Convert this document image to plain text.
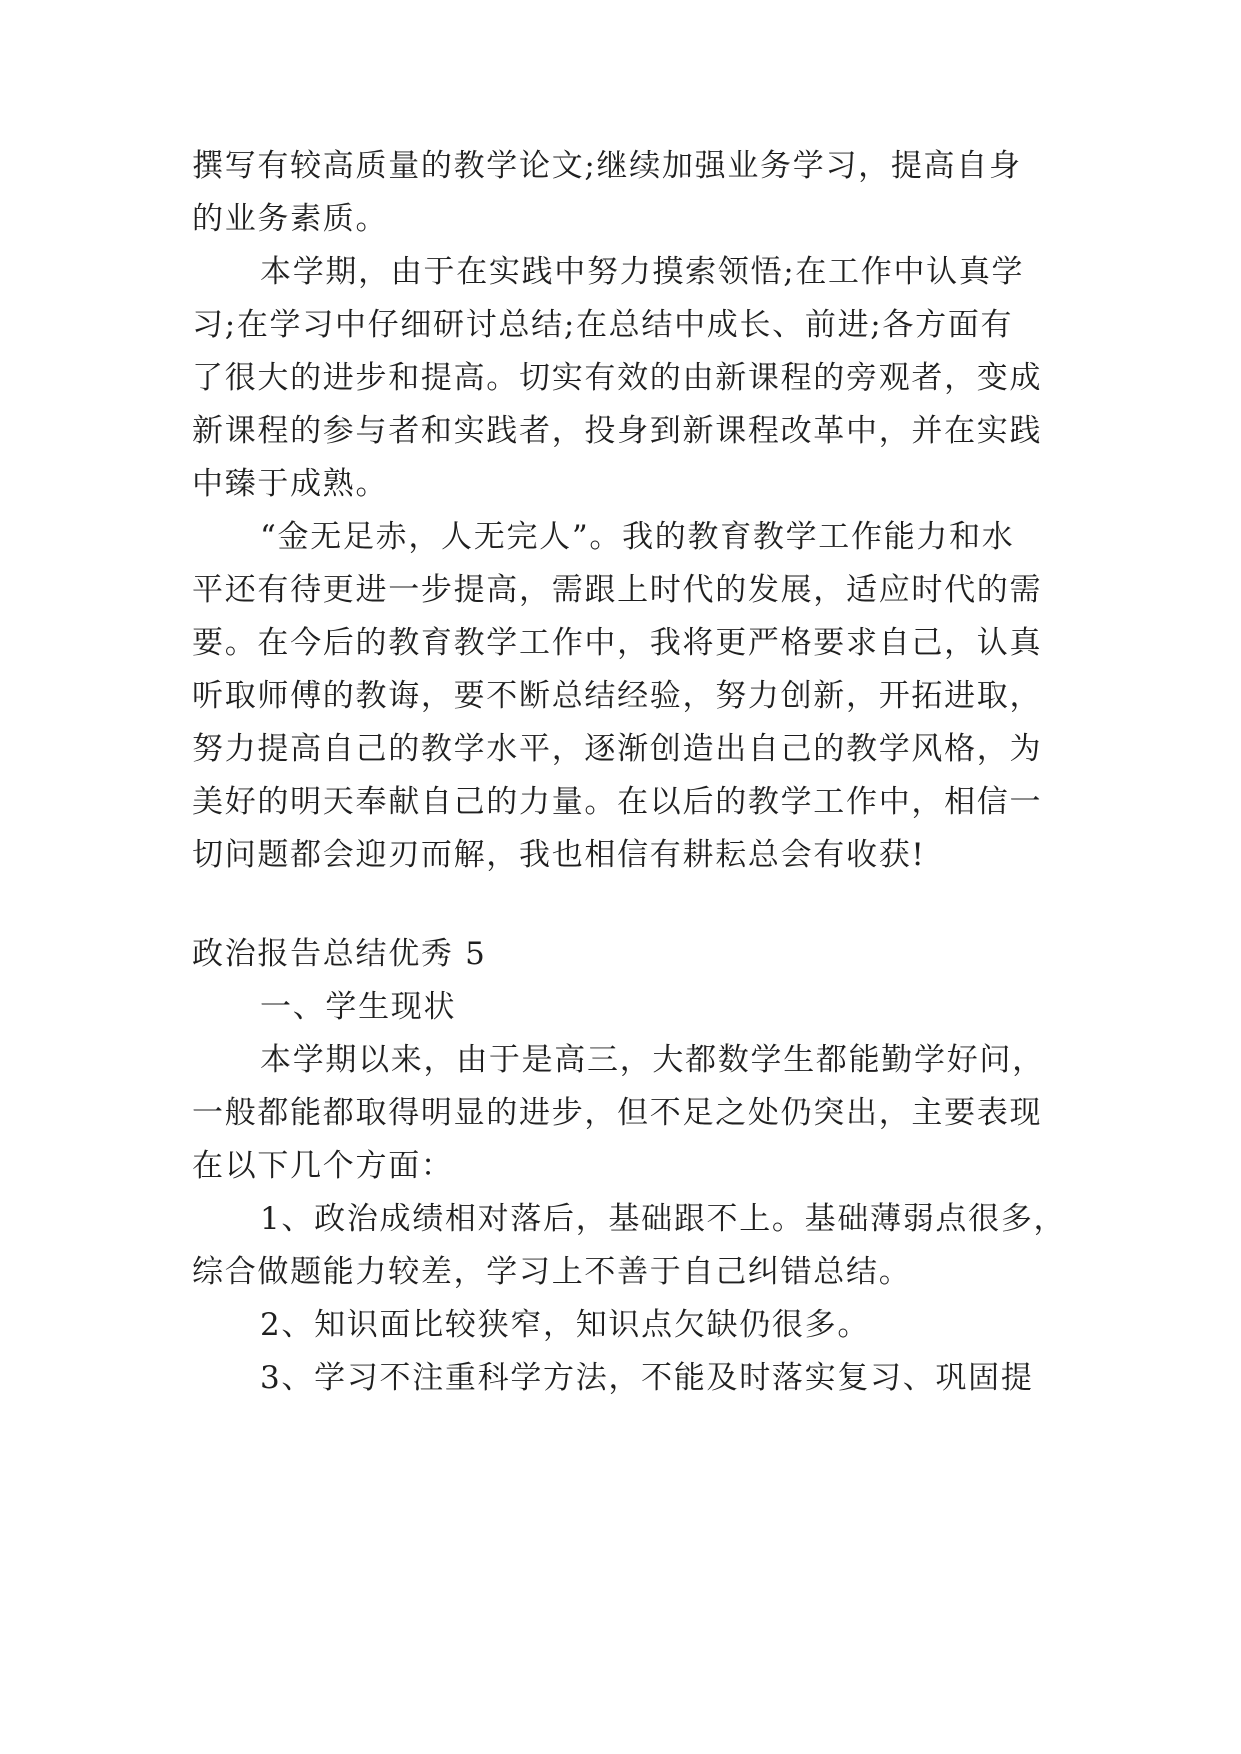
撰写有较高质量的教学论文;继续加强业务学习，提高自身

的业务素质。

本学期，由于在实践中努力摸索领悟;在工作中认真学

习;在学习中仔细研讨总结;在总结中成长、前进;各方面有

了很大的进步和提高。切实有效的由新课程的旁观者，变成

新课程的参与者和实践者，投身到新课程改革中，并在实践

中臻于成熟。

“金无足赤，人无完人”。我的教育教学工作能力和水

平还有待更进一步提高，需跟上时代的发展，适应时代的需

要。在今后的教育教学工作中，我将更严格要求自己，认真

听取师傅的教诲，要不断总结经验，努力创新，开拓进取，

努力提高自己的教学水平，逐渐创造出自己的教学风格，为

美好的明天奉献自己的力量。在以后的教学工作中，相信一

切问题都会迎刃而解，我也相信有耕耘总会有收获!

政治报告总结优秀 5

一、学生现状

本学期以来，由于是高三，大都数学生都能勤学好问，

一般都能都取得明显的进步，但不足之处仍突出，主要表现

在以下几个方面：

1、政治成绩相对落后，基础跟不上。基础薄弱点很多，

综合做题能力较差，学习上不善于自己纠错总结。

2、知识面比较狭窄，知识点欠缺仍很多。

3、学习不注重科学方法，不能及时落实复习、巩固提
